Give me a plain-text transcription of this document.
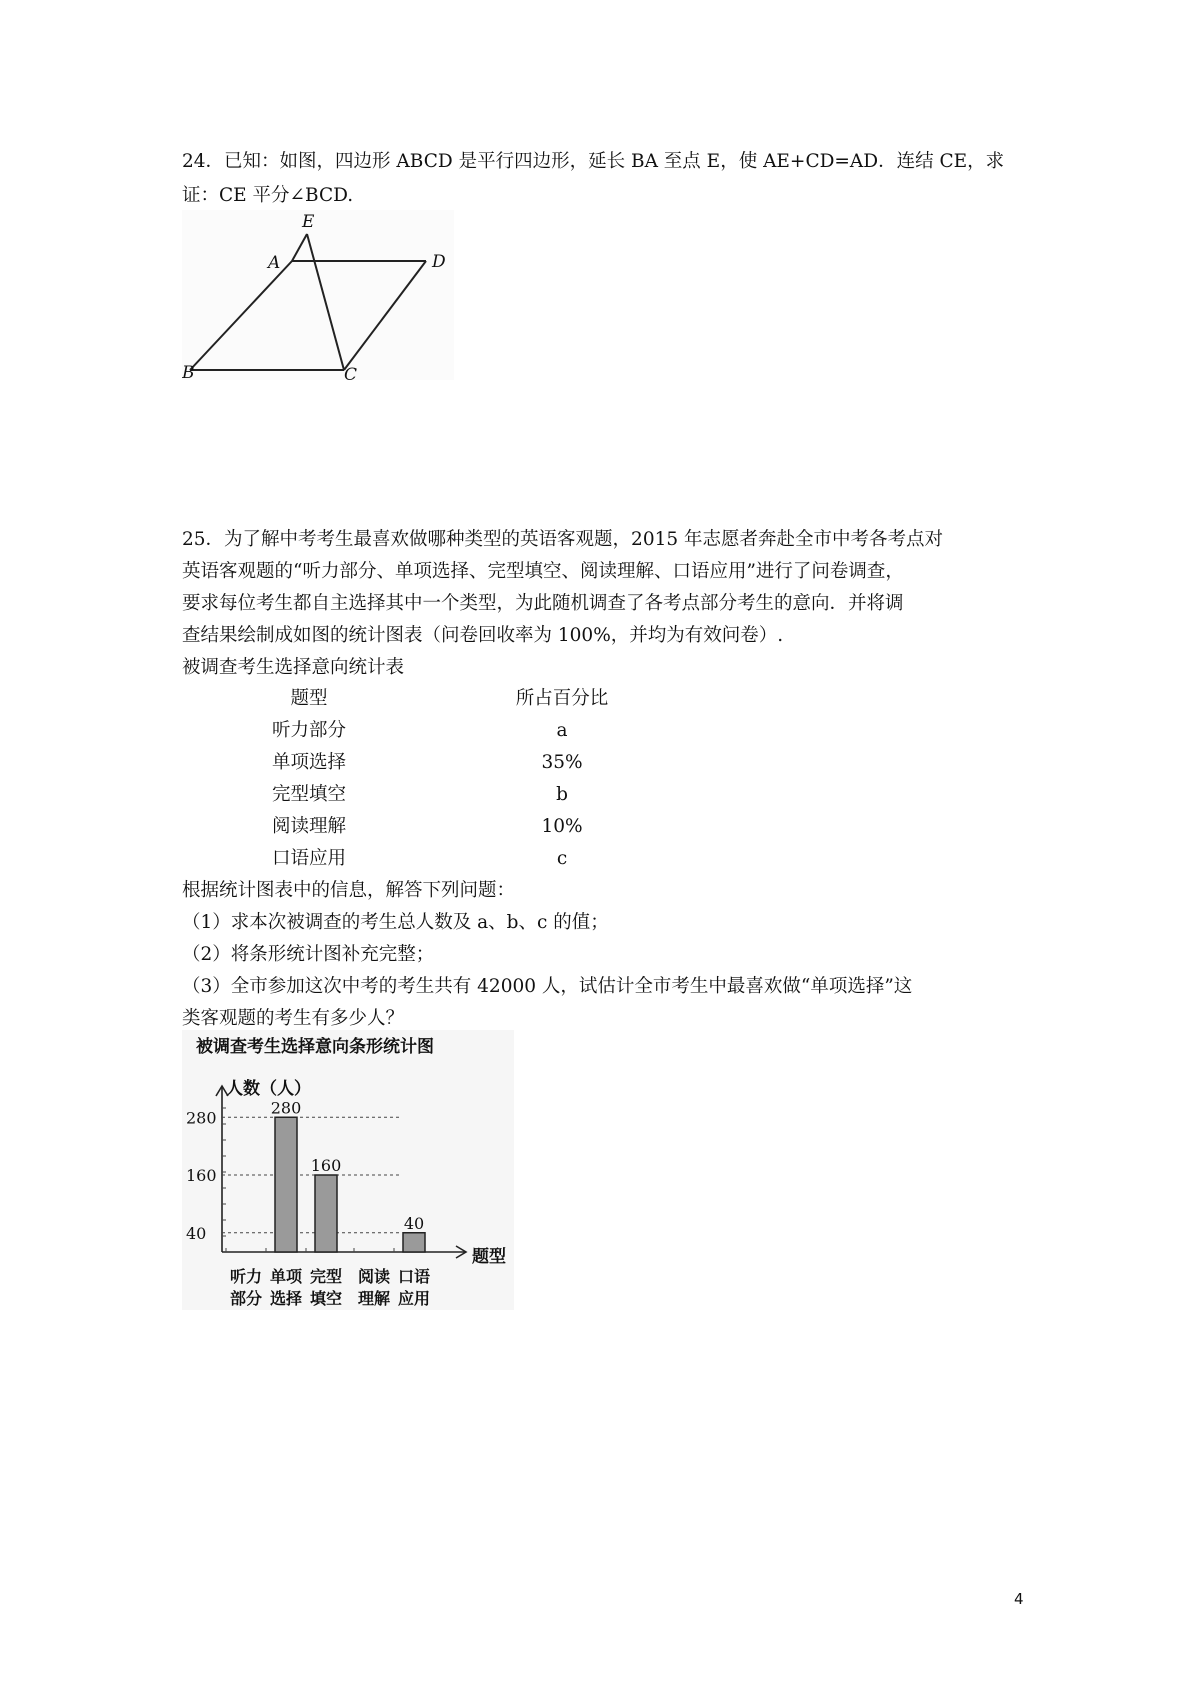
24．已知：如图，四边形 ABCD 是平行四边形，延长 BA 至点 E，使 AE+CD=AD．连结 CE，求
证：CE 平分∠BCD.
E
A	D
B	C
25．为了解中考考生最喜欢做哪种类型的英语客观题，2015 年志愿者奔赴全市中考各考点对
英语客观题的“听力部分、单项选择、完型填空、阅读理解、口语应用”进行了问卷调查，
要求每位考生都自主选择其中一个类型，为此随机调查了各考点部分考生的意向．并将调
查结果绘制成如图的统计图表（问卷回收率为 100%，并均为有效问卷）.
被调查考生选择意向统计表
题型	所占百分比
听力部分	a
单项选择	35%
完型填空	b
阅读理解	10%
口语应用	c
根据统计图表中的信息，解答下列问题：
（1）求本次被调查的考生总人数及 a、b、c 的值；
（2）将条形统计图补充完整；
（3）全市参加这次中考的考生共有 42000 人，试估计全市考生中最喜欢做“单项选择”这
类客观题的考生有多少人？
被调查考生选择意向条形统计图
人数（人）
题型
280
160
40
听力
部分
单项
选择
280
完型
填空
160
阅读
理解
口语
应用
40
4
